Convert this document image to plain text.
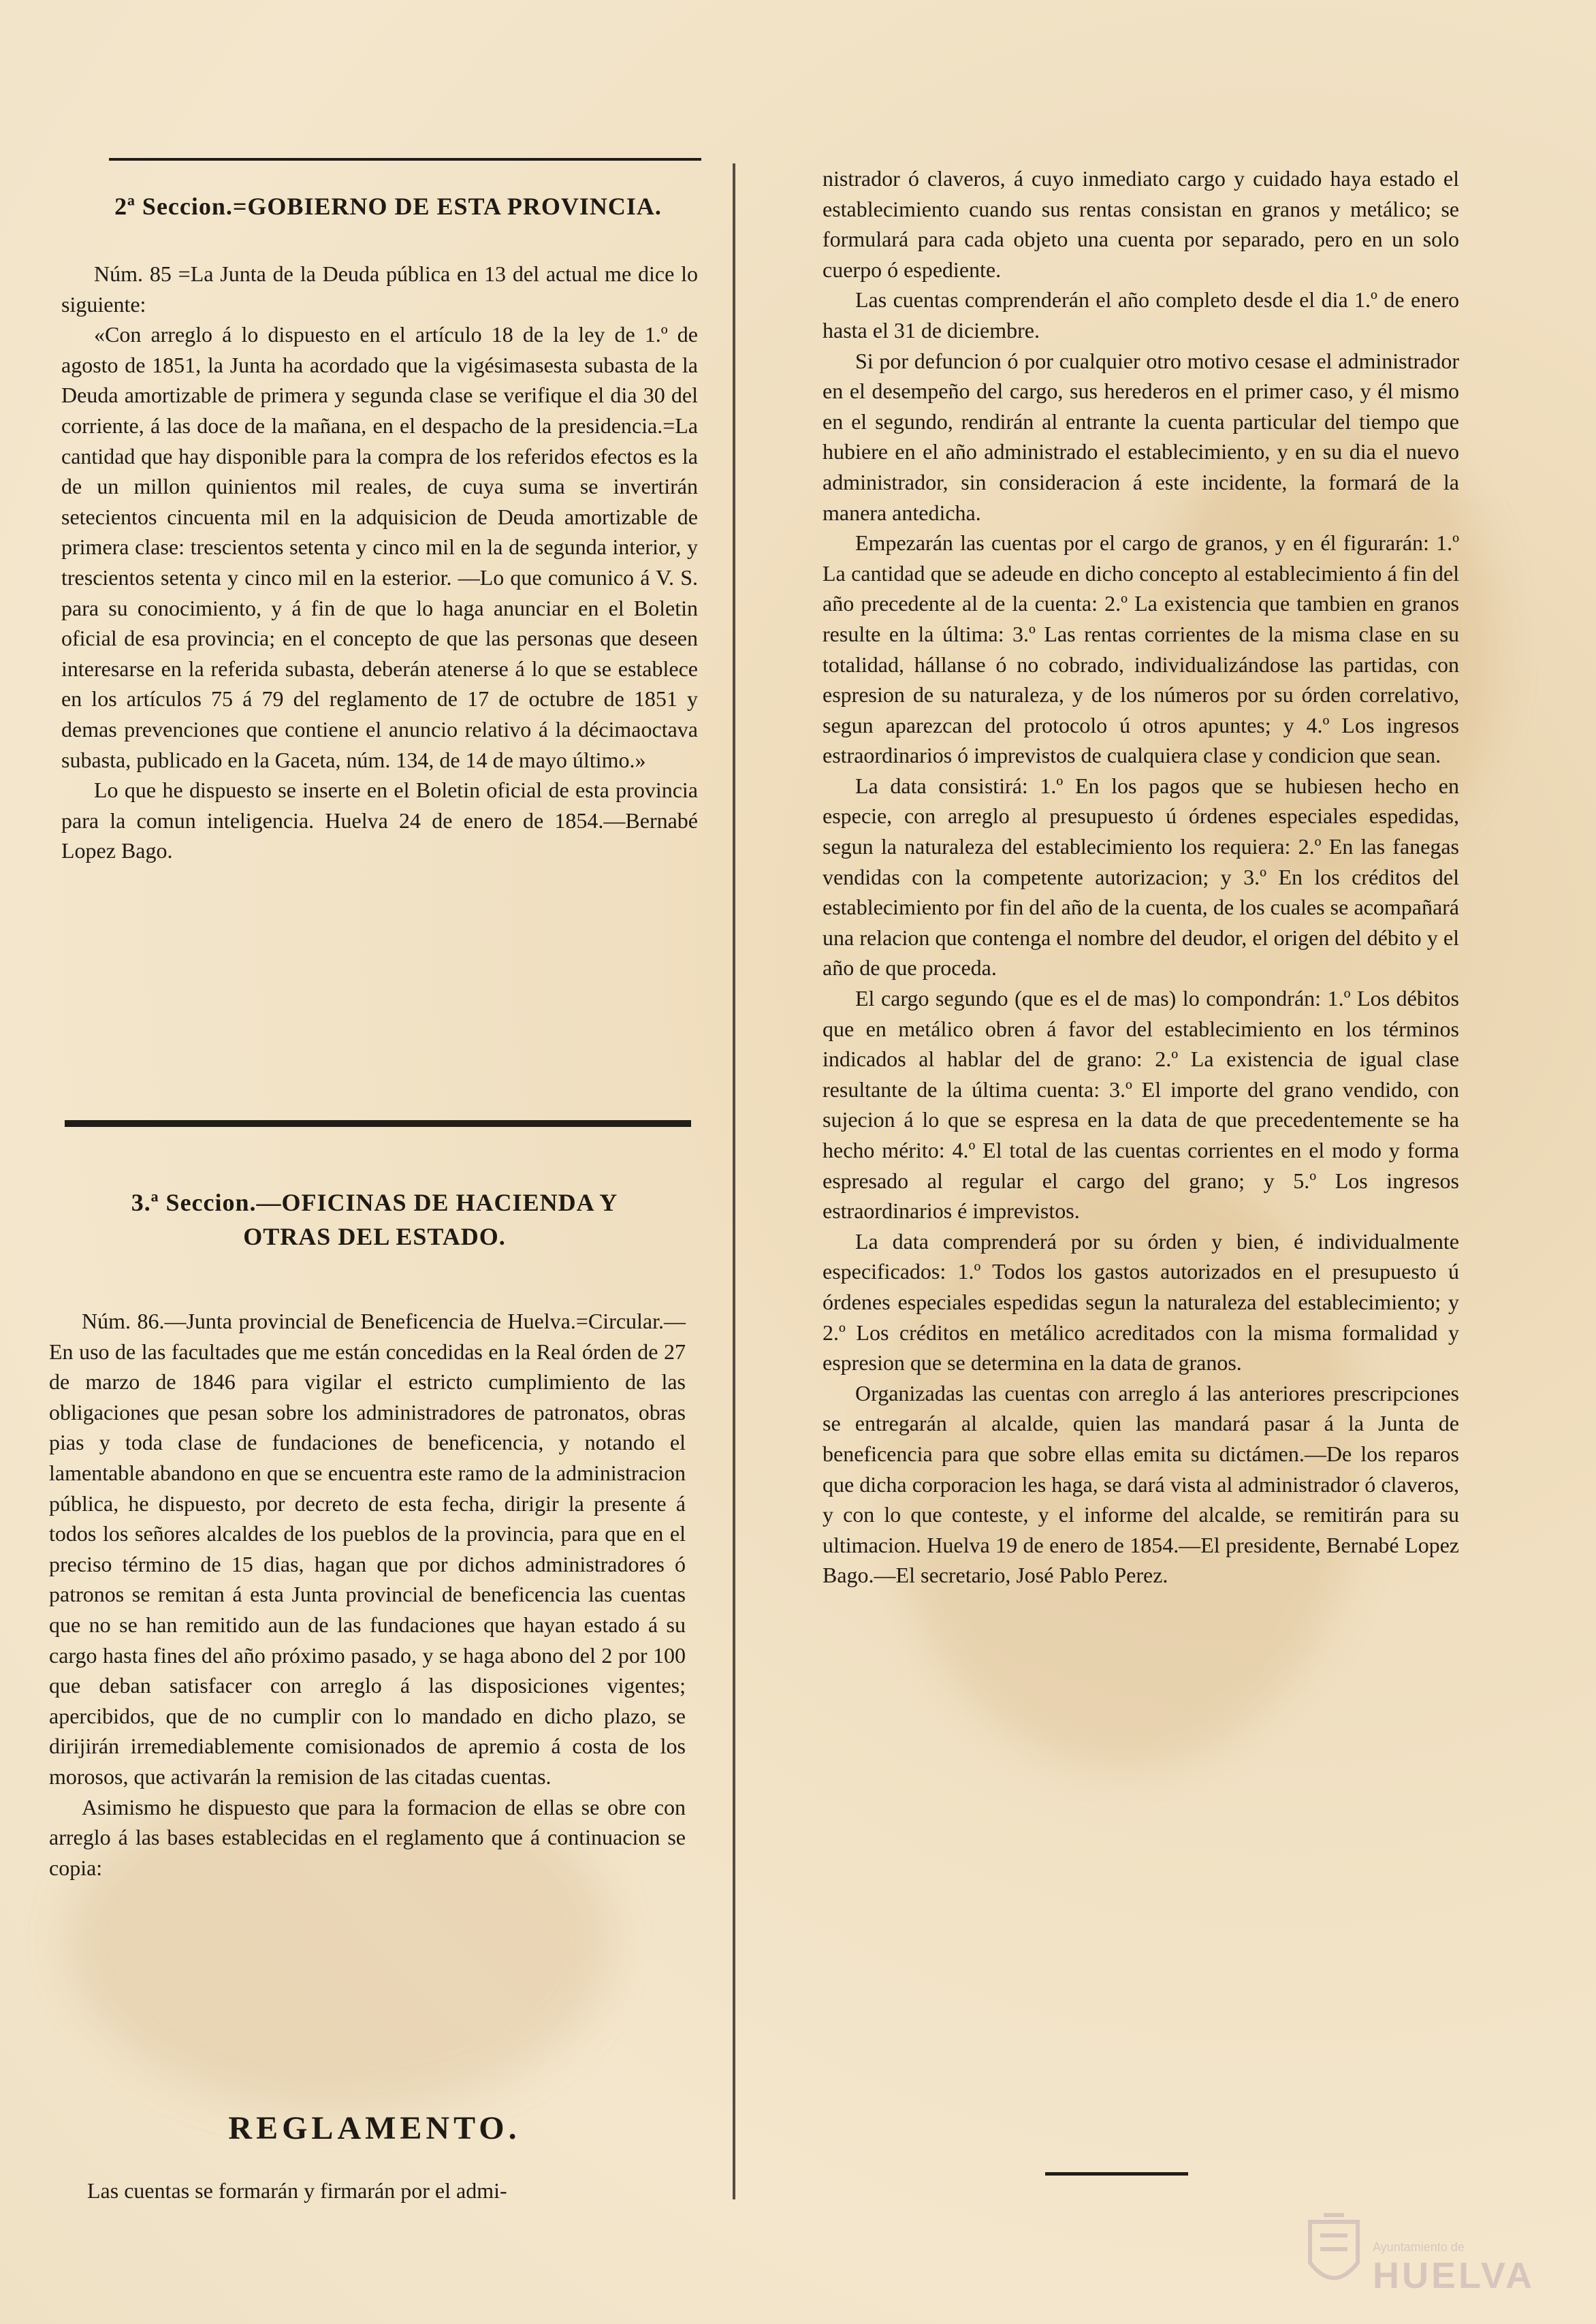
2ª Seccion.=GOBIERNO DE ESTA PROVINCIA.

Núm. 85 =La Junta de la Deuda pública en 13 del actual me dice lo siguiente:

«Con arreglo á lo dispuesto en el artículo 18 de la ley de 1.º de agosto de 1851, la Junta ha acordado que la vigésimasesta subasta de la Deuda amortizable de primera y segunda clase se verifique el dia 30 del corriente, á las doce de la mañana, en el despacho de la presidencia.=La cantidad que hay disponible para la compra de los referidos efectos es la de un millon quinientos mil reales, de cuya suma se invertirán setecientos cincuenta mil en la adquisicion de Deuda amortizable de primera clase: trescientos setenta y cinco mil en la de segunda interior, y trescientos setenta y cinco mil en la esterior. —Lo que comunico á V. S. para su conocimiento, y á fin de que lo haga anunciar en el Boletin oficial de esa provincia; en el concepto de que las personas que deseen interesarse en la referida subasta, deberán atenerse á lo que se establece en los artículos 75 á 79 del reglamento de 17 de octubre de 1851 y demas prevenciones que contiene el anuncio relativo á la décimaoctava subasta, publicado en la Gaceta, núm. 134, de 14 de mayo último.»

Lo que he dispuesto se inserte en el Boletin oficial de esta provincia para la comun inteligencia. Huelva 24 de enero de 1854.—Bernabé Lopez Bago.

3.ª Seccion.—OFICINAS DE HACIENDA Y
OTRAS DEL ESTADO.

Núm. 86.—Junta provincial de Beneficencia de Huelva.=Circular.—En uso de las facultades que me están concedidas en la Real órden de 27 de marzo de 1846 para vigilar el estricto cumplimiento de las obligaciones que pesan sobre los administradores de patronatos, obras pias y toda clase de fundaciones de beneficencia, y notando el lamentable abandono en que se encuentra este ramo de la administracion pública, he dispuesto, por decreto de esta fecha, dirigir la presente á todos los señores alcaldes de los pueblos de la provincia, para que en el preciso término de 15 dias, hagan que por dichos administradores ó patronos se remitan á esta Junta provincial de beneficencia las cuentas que no se han remitido aun de las fundaciones que hayan estado á su cargo hasta fines del año próximo pasado, y se haga abono del 2 por 100 que deban satisfacer con arreglo á las disposiciones vigentes; apercibidos, que de no cumplir con lo mandado en dicho plazo, se dirijirán irremediablemente comisionados de apremio á costa de los morosos, que activarán la remision de las citadas cuentas.

Asimismo he dispuesto que para la formacion de ellas se obre con arreglo á las bases establecidas en el reglamento que á continuacion se copia:

REGLAMENTO.

Las cuentas se formarán y firmarán por el admi-

nistrador ó claveros, á cuyo inmediato cargo y cuidado haya estado el establecimiento cuando sus rentas consistan en granos y metálico; se formulará para cada objeto una cuenta por separado, pero en un solo cuerpo ó espediente.

Las cuentas comprenderán el año completo desde el dia 1.º de enero hasta el 31 de diciembre.

Si por defuncion ó por cualquier otro motivo cesase el administrador en el desempeño del cargo, sus herederos en el primer caso, y él mismo en el segundo, rendirán al entrante la cuenta particular del tiempo que hubiere en el año administrado el establecimiento, y en su dia el nuevo administrador, sin consideracion á este incidente, la formará de la manera antedicha.

Empezarán las cuentas por el cargo de granos, y en él figurarán: 1.º La cantidad que se adeude en dicho concepto al establecimiento á fin del año precedente al de la cuenta: 2.º La existencia que tambien en granos resulte en la última: 3.º Las rentas corrientes de la misma clase en su totalidad, hállanse ó no cobrado, individualizándose las partidas, con espresion de su naturaleza, y de los números por su órden correlativo, segun aparezcan del protocolo ú otros apuntes; y 4.º Los ingresos estraordinarios ó imprevistos de cualquiera clase y condicion que sean.

La data consistirá: 1.º En los pagos que se hubiesen hecho en especie, con arreglo al presupuesto ú órdenes especiales espedidas, segun la naturaleza del establecimiento los requiera: 2.º En las fanegas vendidas con la competente autorizacion; y 3.º En los créditos del establecimiento por fin del año de la cuenta, de los cuales se acompañará una relacion que contenga el nombre del deudor, el origen del débito y el año de que proceda.

El cargo segundo (que es el de mas) lo compondrán: 1.º Los débitos que en metálico obren á favor del establecimiento en los términos indicados al hablar del de grano: 2.º La existencia de igual clase resultante de la última cuenta: 3.º El importe del grano vendido, con sujecion á lo que se espresa en la data de que precedentemente se ha hecho mérito: 4.º El total de las cuentas corrientes en el modo y forma espresado al regular el cargo del grano; y 5.º Los ingresos estraordinarios é imprevistos.

La data comprenderá por su órden y bien, é individualmente especificados: 1.º Todos los gastos autorizados en el presupuesto ú órdenes especiales espedidas segun la naturaleza del establecimiento; y 2.º Los créditos en metálico acreditados con la misma formalidad y espresion que se determina en la data de granos.

Organizadas las cuentas con arreglo á las anteriores prescripciones se entregarán al alcalde, quien las mandará pasar á la Junta de beneficencia para que sobre ellas emita su dictámen.—De los reparos que dicha corporacion les haga, se dará vista al administrador ó claveros, y con lo que conteste, y el informe del alcalde, se remitirán para su ultimacion. Huelva 19 de enero de 1854.—El presidente, Bernabé Lopez Bago.—El secretario, José Pablo Perez.

Ayuntamiento de
HUELVA
